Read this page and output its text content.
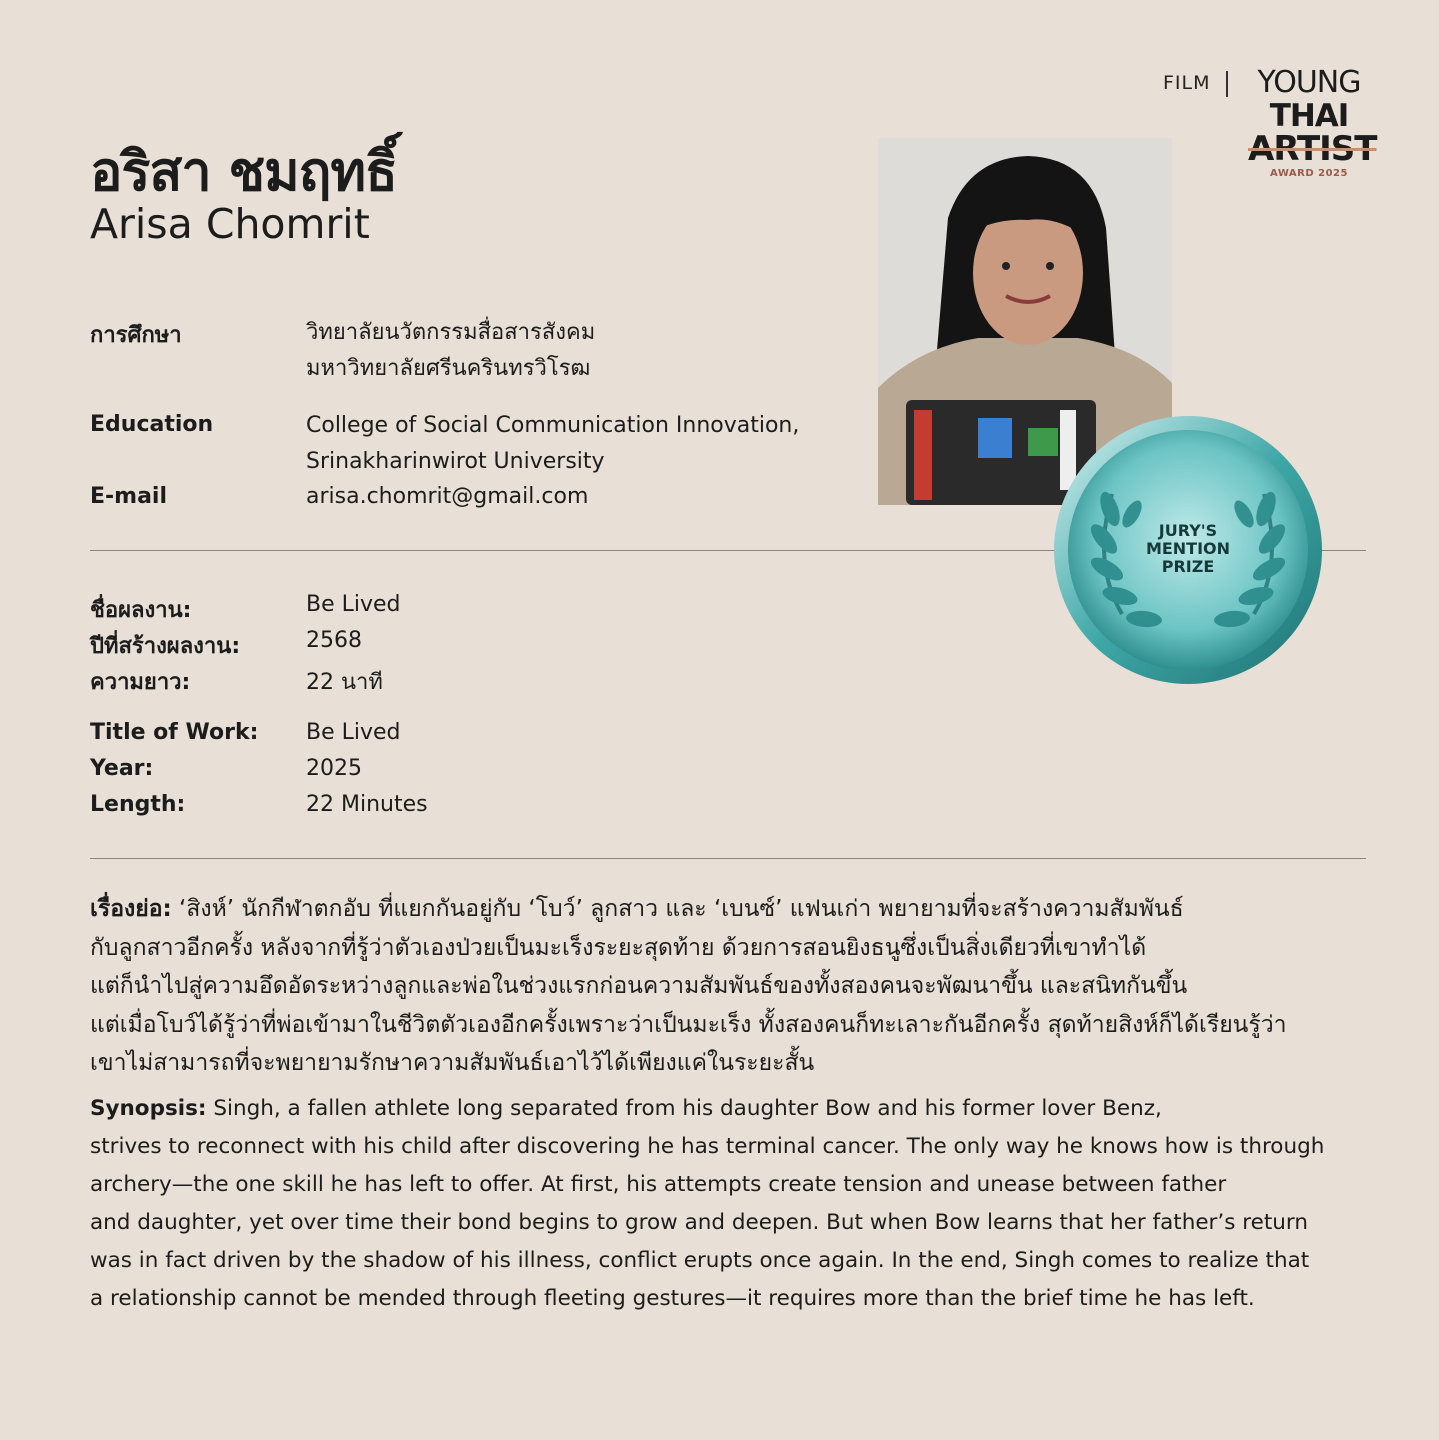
FILM	YOUNG
THAI
ARTIST
AWARD 2025
อริสา ชมฤทธิ์
Arisa Chomrit
การศึกษา	วิทยาลัยนวัตกรรมสื่อสารสังคม
มหาวิทยาลัยศรีนครินทรวิโรฒ
Education	College of Social Communication Innovation,
Srinakharinwirot University
E-mail	arisa.chomrit@gmail.com
ชื่อผลงาน:	Be Lived
ปีที่สร้างผลงาน:	2568
ความยาว:	22 นาที
Title of Work: Be Lived
Year:	2025
Length:	22 Minutes
JURY'S
MENTION
PRIZE
เรื่องย่อ: ‘สิงห์’ นักกีฬาตกอับ ที่แยกกันอยู่กับ ‘โบว์’ ลูกสาว และ ‘เบนซ์’ แฟนเก่า พยายามที่จะสร้างความสัมพันธ์
กับลูกสาวอีกครั้ง หลังจากที่รู้ว่าตัวเองป่วยเป็นมะเร็งระยะสุดท้าย ด้วยการสอนยิงธนูซึ่งเป็นสิ่งเดียวที่เขาทำได้
แต่ก็นำไปสู่ความอึดอัดระหว่างลูกและพ่อในช่วงแรกก่อนความสัมพันธ์ของทั้งสองคนจะพัฒนาขึ้น และสนิทกันขึ้น
แต่เมื่อโบว์ได้รู้ว่าที่พ่อเข้ามาในชีวิตตัวเองอีกครั้งเพราะว่าเป็นมะเร็ง ทั้งสองคนก็ทะเลาะกันอีกครั้ง สุดท้ายสิงห์ก็ได้เรียนรู้ว่า
เขาไม่สามารถที่จะพยายามรักษาความสัมพันธ์เอาไว้ได้เพียงแค่ในระยะสั้น
Synopsis: Singh, a fallen athlete long separated from his daughter Bow and his former lover Benz,
strives to reconnect with his child after discovering he has terminal cancer. The only way he knows how is through
archery—the one skill he has left to offer. At first, his attempts create tension and unease between father
and daughter, yet over time their bond begins to grow and deepen. But when Bow learns that her father’s return
was in fact driven by the shadow of his illness, conflict erupts once again. In the end, Singh comes to realize that
a relationship cannot be mended through fleeting gestures—it requires more than the brief time he has left.
